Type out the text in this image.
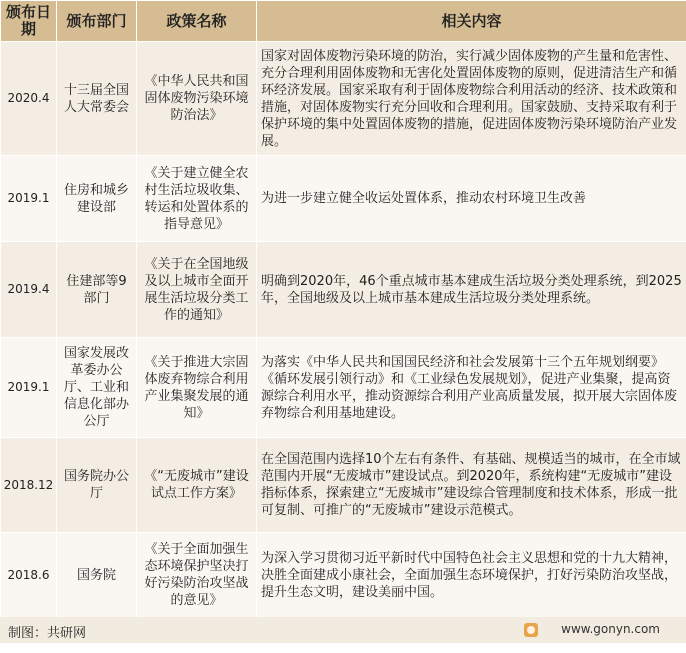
颁布日期	颁布部门	政策名称	相关内容
2020.4	十三届全国人大常委会	《中华人民共和国固体废物污染环境防治法》	国家对固体废物污染环境的防治，实行减少固体废物的产生量和危害性、充分合理利用固体废物和无害化处置固体废物的原则，促进清洁生产和循环经济发展。国家采取有利于固体废物综合利用活动的经济、技术政策和措施，对固体废物实行充分回收和合理利用。国家鼓励、支持采取有利于保护环境的集中处置固体废物的措施，促进固体废物污染环境防治产业发展。
2019.1	住房和城乡建设部	《关于建立健全农村生活垃圾收集、转运和处置体系的指导意见》	为进一步建立健全收运处置体系，推动农村环境卫生改善
2019.4	住建部等9部门	《关于在全国地级及以上城市全面开展生活垃圾分类工作的通知》	明确到2020年，46个重点城市基本建成生活垃圾分类处理系统，到2025年，全国地级及以上城市基本建成生活垃圾分类处理系统。
2019.1	国家发展改革委办公厅、工业和信息化部办公厅	《关于推进大宗固体废弃物综合利用产业集聚发展的通知》	为落实《中华人民共和国国民经济和社会发展第十三个五年规划纲要》《循环发展引领行动》和《工业绿色发展规划》，促进产业集聚，提高资源综合利用水平，推动资源综合利用产业高质量发展，拟开展大宗固体废弃物综合利用基地建设。
2018.12	国务院办公厅	《“无废城市”建设试点工作方案》	在全国范围内选择10个左右有条件、有基础、规模适当的城市，在全市域范围内开展“无废城市”建设试点。到2020年，系统构建“无废城市”建设指标体系，探索建立“无废城市”建设综合管理制度和技术体系，形成一批可复制、可推广的“无废城市”建设示范模式。
2018.6	国务院	《关于全面加强生态环境保护坚决打好污染防治攻坚战的意见》	为深入学习贯彻习近平新时代中国特色社会主义思想和党的十九大精神，决胜全面建成小康社会，全面加强生态环境保护，打好污染防治攻坚战，提升生态文明，建设美丽中国。
制图：共研网	www.gonyn.com
